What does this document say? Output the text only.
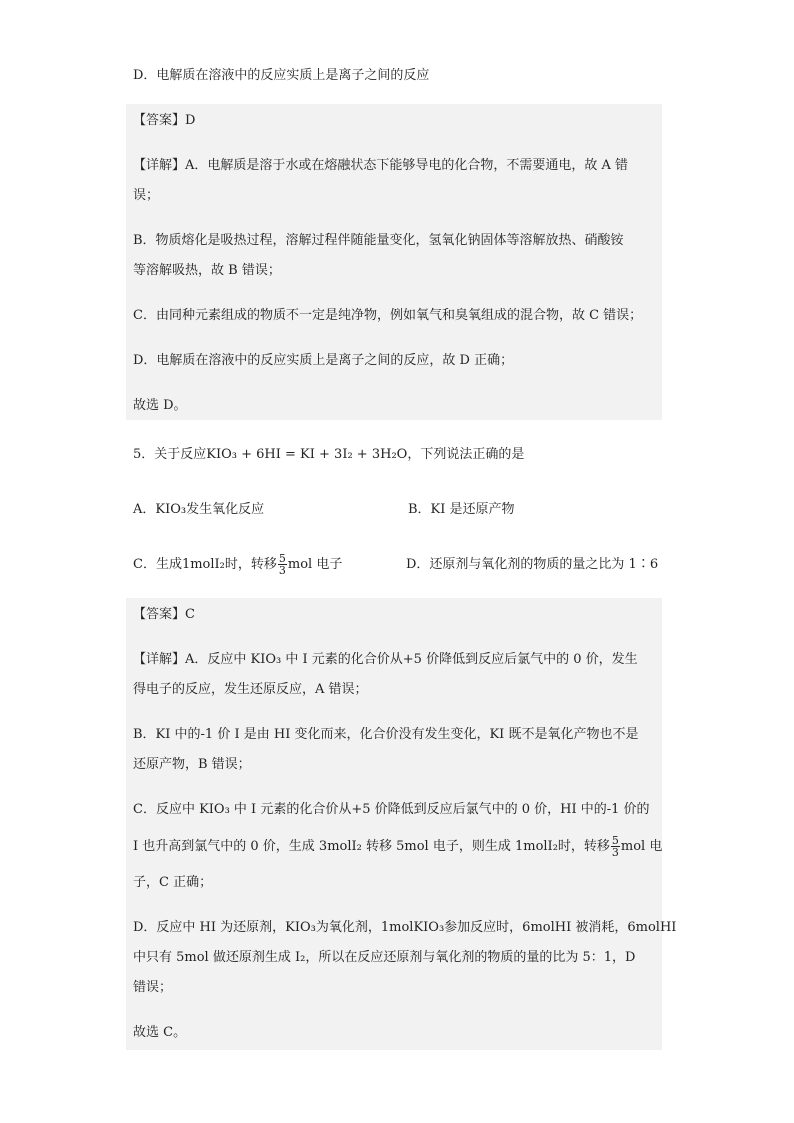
D．电解质在溶液中的反应实质上是离子之间的反应
【答案】D
【详解】A．电解质是溶于水或在熔融状态下能够导电的化合物，不需要通电，故 A 错
误；
B．物质熔化是吸热过程，溶解过程伴随能量变化，氢氧化钠固体等溶解放热、硝酸铵
等溶解吸热，故 B 错误；
C．由同种元素组成的物质不一定是纯净物，例如氧气和臭氧组成的混合物，故 C 错误；
D．电解质在溶液中的反应实质上是离子之间的反应，故 D 正确；
故选 D。
5．关于反应KIO₃ + 6HI = KI + 3I₂ + 3H₂O，下列说法正确的是
A．KIO₃发生氧化反应	B．KI 是还原产物
C．生成1molI₂时，转移 $\frac{5}{3}$ mol 电子	D．还原剂与氧化剂的物质的量之比为 1∶6
【答案】C
【详解】A．反应中 KIO₃ 中 I 元素的化合价从+5 价降低到反应后氯气中的 0 价，发生
得电子的反应，发生还原反应，A 错误；
B．KI 中的-1 价 I 是由 HI 变化而来，化合价没有发生变化，KI 既不是氧化产物也不是
还原产物，B 错误；
C．反应中 KIO₃ 中 I 元素的化合价从+5 价降低到反应后氯气中的 0 价，HI 中的-1 价的
I 也升高到氯气中的 0 价，生成 3molI₂ 转移 5mol 电子，则生成 1molI₂时，转移 $\frac{5}{3}$ mol 电
子，C 正确；
D．反应中 HI 为还原剂，KIO₃为氧化剂，1molKIO₃参加反应时，6molHI 被消耗，6molHI
中只有 5mol 做还原剂生成 I₂，所以在反应还原剂与氧化剂的物质的量的比为 5：1，D
错误；
故选 C。
